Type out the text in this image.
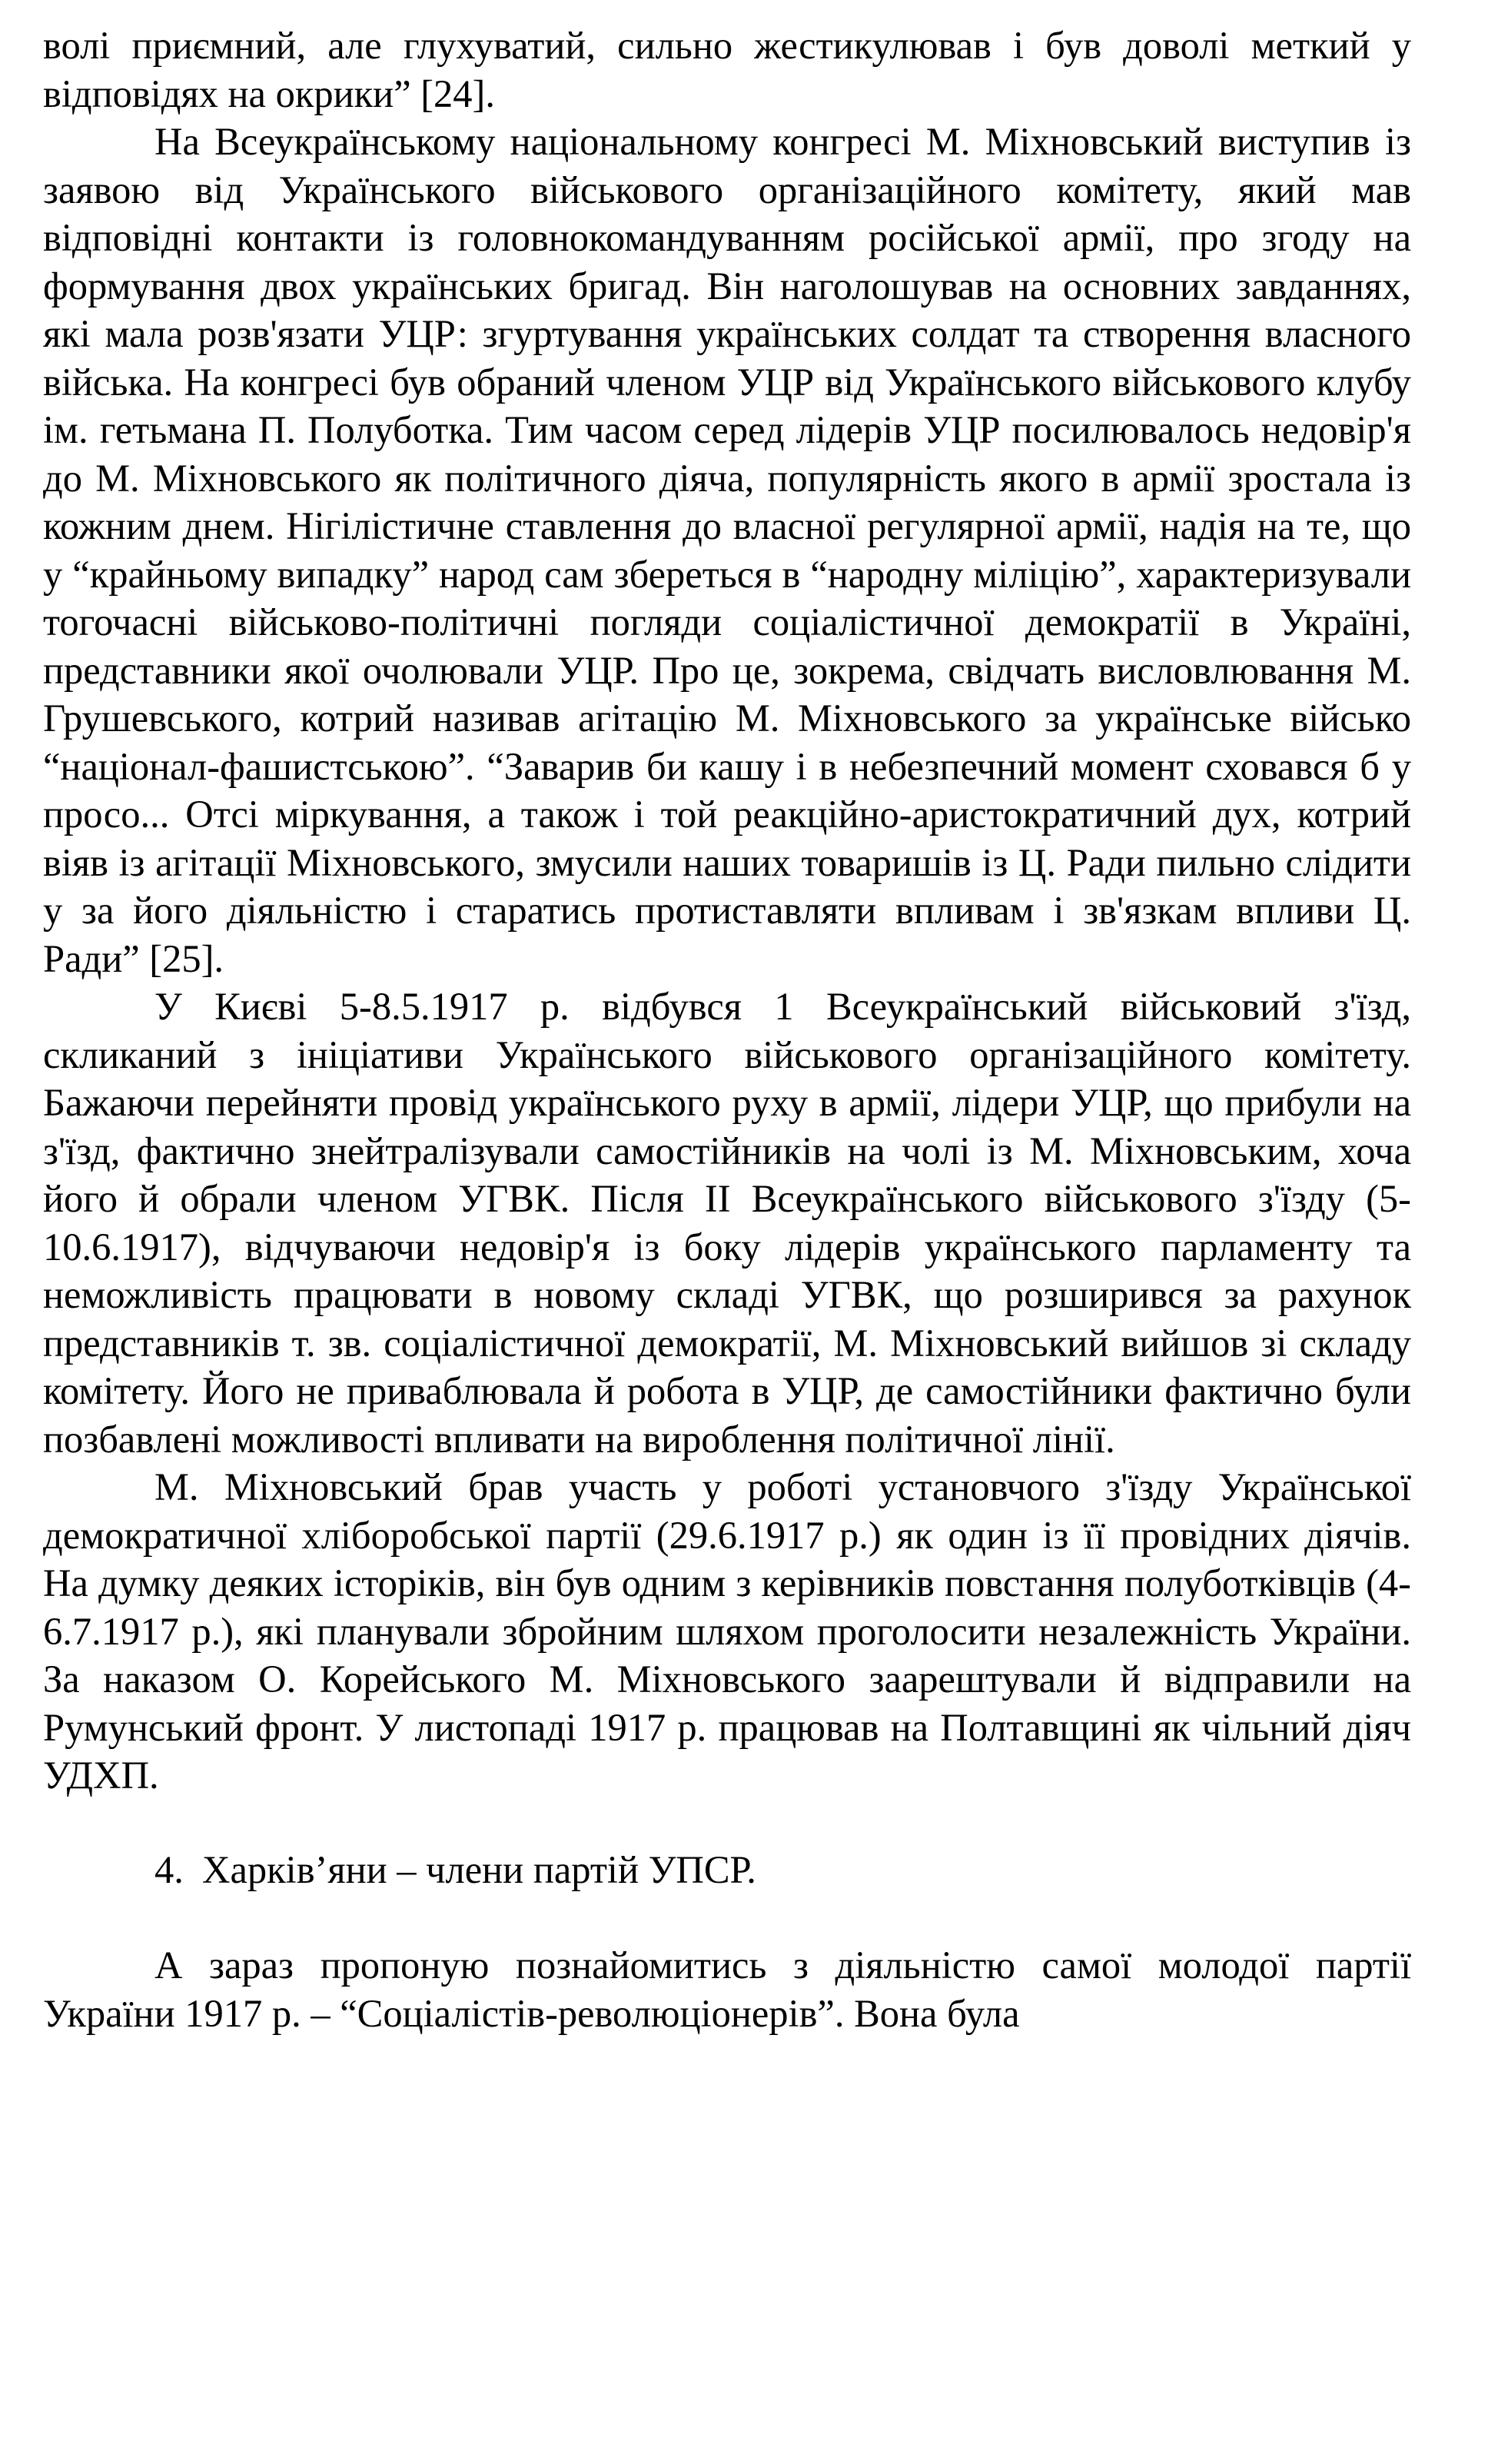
волі приємний, але глухуватий, сильно жестикулював і був доволі меткий у відповідях на окрики” [24].

На Всеукраїнському національному конгресі М. Міхновський виступив із заявою від Українського військового організаційного комітету, який мав відповідні контакти із головнокомандуванням російської армії, про згоду на формування двох українських бригад. Він наголошував на основних завданнях, які мала розв'язати УЦР: згуртування українських солдат та створення власного війська. На конгресі був обраний членом УЦР від Українського військового клубу ім. гетьмана П. Полуботка. Тим часом серед лідерів УЦР посилювалось недовір'я до М. Міхновського як політичного діяча, популярність якого в армії зростала із кожним днем. Нігілістичне ставлення до власної регулярної армії, надія на те, що у “крайньому випадку” народ сам збереться в “народну міліцію”, характеризували тогочасні військово-політичні погляди соціалістичної демократії в Україні, представники якої очолювали УЦР. Про це, зокрема, свідчать висловлювання М. Грушевського, котрий називав агітацію М. Міхновського за українське військо “націонал-фашистською”. “Заварив би кашу і в небезпечний момент сховався б у просо... Отсі міркування, а також і той реакційно-аристократичний дух, котрий віяв із агітації Міхновського, змусили наших товаришів із Ц. Ради пильно слідити у за його діяльністю і старатись протиставляти впливам і зв'язкам впливи Ц. Ради” [25].

У Києві 5-8.5.1917 р. відбувся 1 Всеукраїнський військовий з'їзд, скликаний з ініціативи Українського військового організаційного комітету. Бажаючи перейняти провід українського руху в армії, лідери УЦР, що прибули на з'їзд, фактично знейтралізували самостійників на чолі із М. Міхновським, хоча його й обрали членом УГВК. Після II Всеукраїнського військового з'їзду (5-10.6.1917), відчуваючи недовір'я із боку лідерів українського парламенту та неможливість працювати в новому складі УГВК, що розширився за рахунок представників т. зв. соціалістичної демократії, М. Міхновський вийшов зі складу комітету. Його не приваблювала й робота в УЦР, де самостійники фактично були позбавлені можливості впливати на вироблення політичної лінії.

М. Міхновський брав участь у роботі установчого з'їзду Української демократичної хліборобської партії (29.6.1917 р.) як один із її провідних діячів. На думку деяких історіків, він був одним з керівників повстання полуботківців (4-6.7.1917 р.), які планували збройним шляхом проголосити незалежність України. За наказом О. Корейського М. Міхновського заарештували й відправили на Румунський фронт. У листопаді 1917 р. працював на Полтавщині як чільний діяч УДХП.

4. Харків’яни – члени партій УПСР.

А зараз пропоную познайомитись з діяльністю самої молодої партії України 1917 р. – “Соціалістів-революціонерів”. Вона була
